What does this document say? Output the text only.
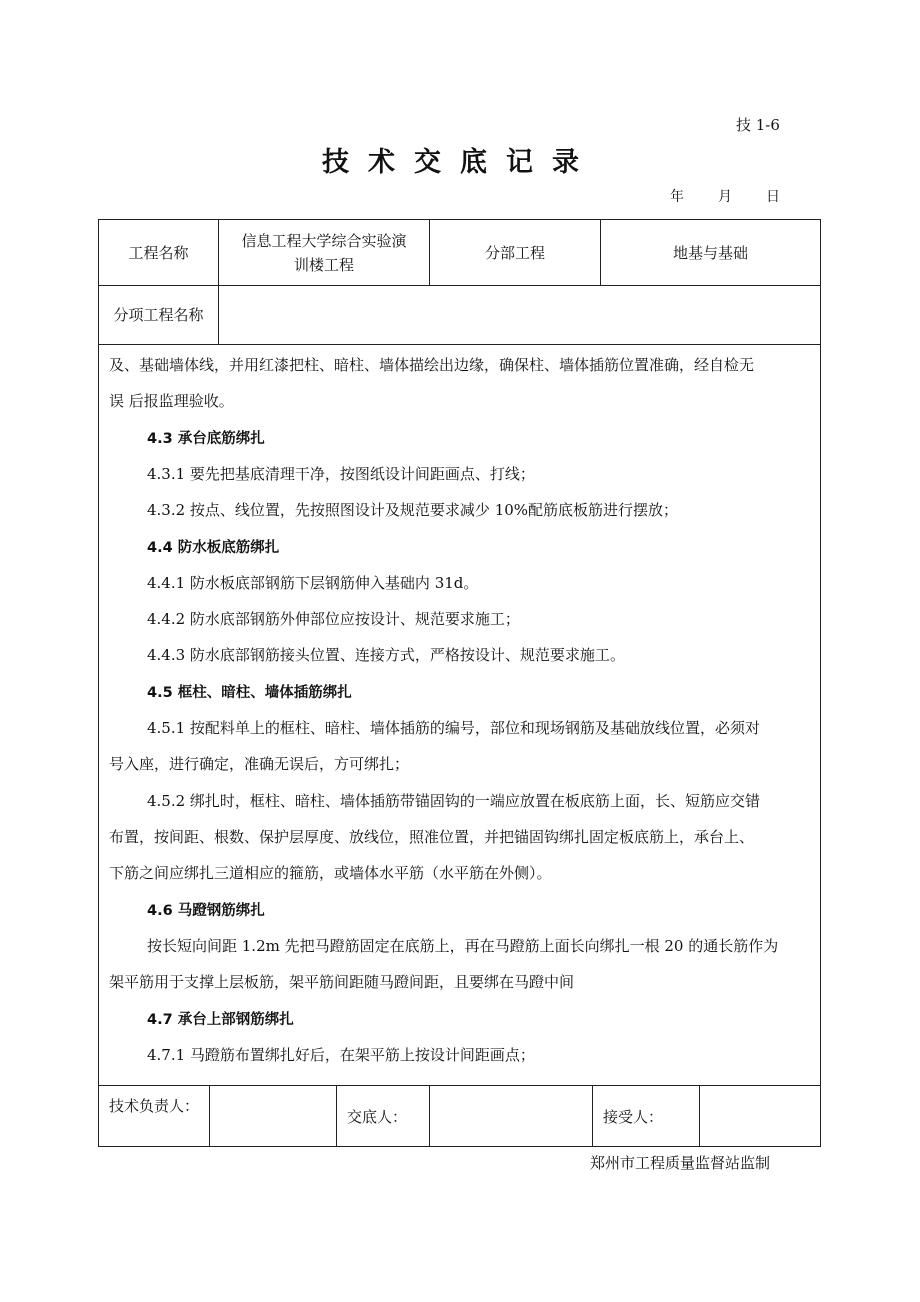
技 1-6
技术交底记录
年 月 日
工程名称
信息工程大学综合实验演
训楼工程
分部工程	地基与基础
分项工程名称
及、基础墙体线，并用红漆把柱、暗柱、墙体描绘出边缘，确保柱、墙体插筋位置准确，经自检无
误 后报监理验收。
4.3 承台底筋绑扎
4.3.1 要先把基底清理干净，按图纸设计间距画点、打线；
4.3.2 按点、线位置，先按照图设计及规范要求减少 10%配筋底板筋进行摆放；
4.4 防水板底筋绑扎
4.4.1 防水板底部钢筋下层钢筋伸入基础内 31d。
4.4.2 防水底部钢筋外伸部位应按设计、规范要求施工；
4.4.3 防水底部钢筋接头位置、连接方式，严格按设计、规范要求施工。
4.5 框柱、暗柱、墙体插筋绑扎
4.5.1 按配料单上的框柱、暗柱、墙体插筋的编号，部位和现场钢筋及基础放线位置，必须对
号入座，进行确定，准确无误后，方可绑扎；
4.5.2 绑扎时，框柱、暗柱、墙体插筋带锚固钩的一端应放置在板底筋上面，长、短筋应交错
布置，按间距、根数、保护层厚度、放线位，照准位置，并把锚固钩绑扎固定板底筋上，承台上、
下筋之间应绑扎三道相应的箍筋，或墙体水平筋（水平筋在外侧）。
4.6 马蹬钢筋绑扎
按长短向间距 1.2m 先把马蹬筋固定在底筋上，再在马蹬筋上面长向绑扎一根 20 的通长筋作为
架平筋用于支撑上层板筋，架平筋间距随马蹬间距，且要绑在马蹬中间
4.7 承台上部钢筋绑扎
4.7.1 马蹬筋布置绑扎好后，在架平筋上按设计间距画点；
技术负责人：
交底人：	接受人：
郑州市工程质量监督站监制
